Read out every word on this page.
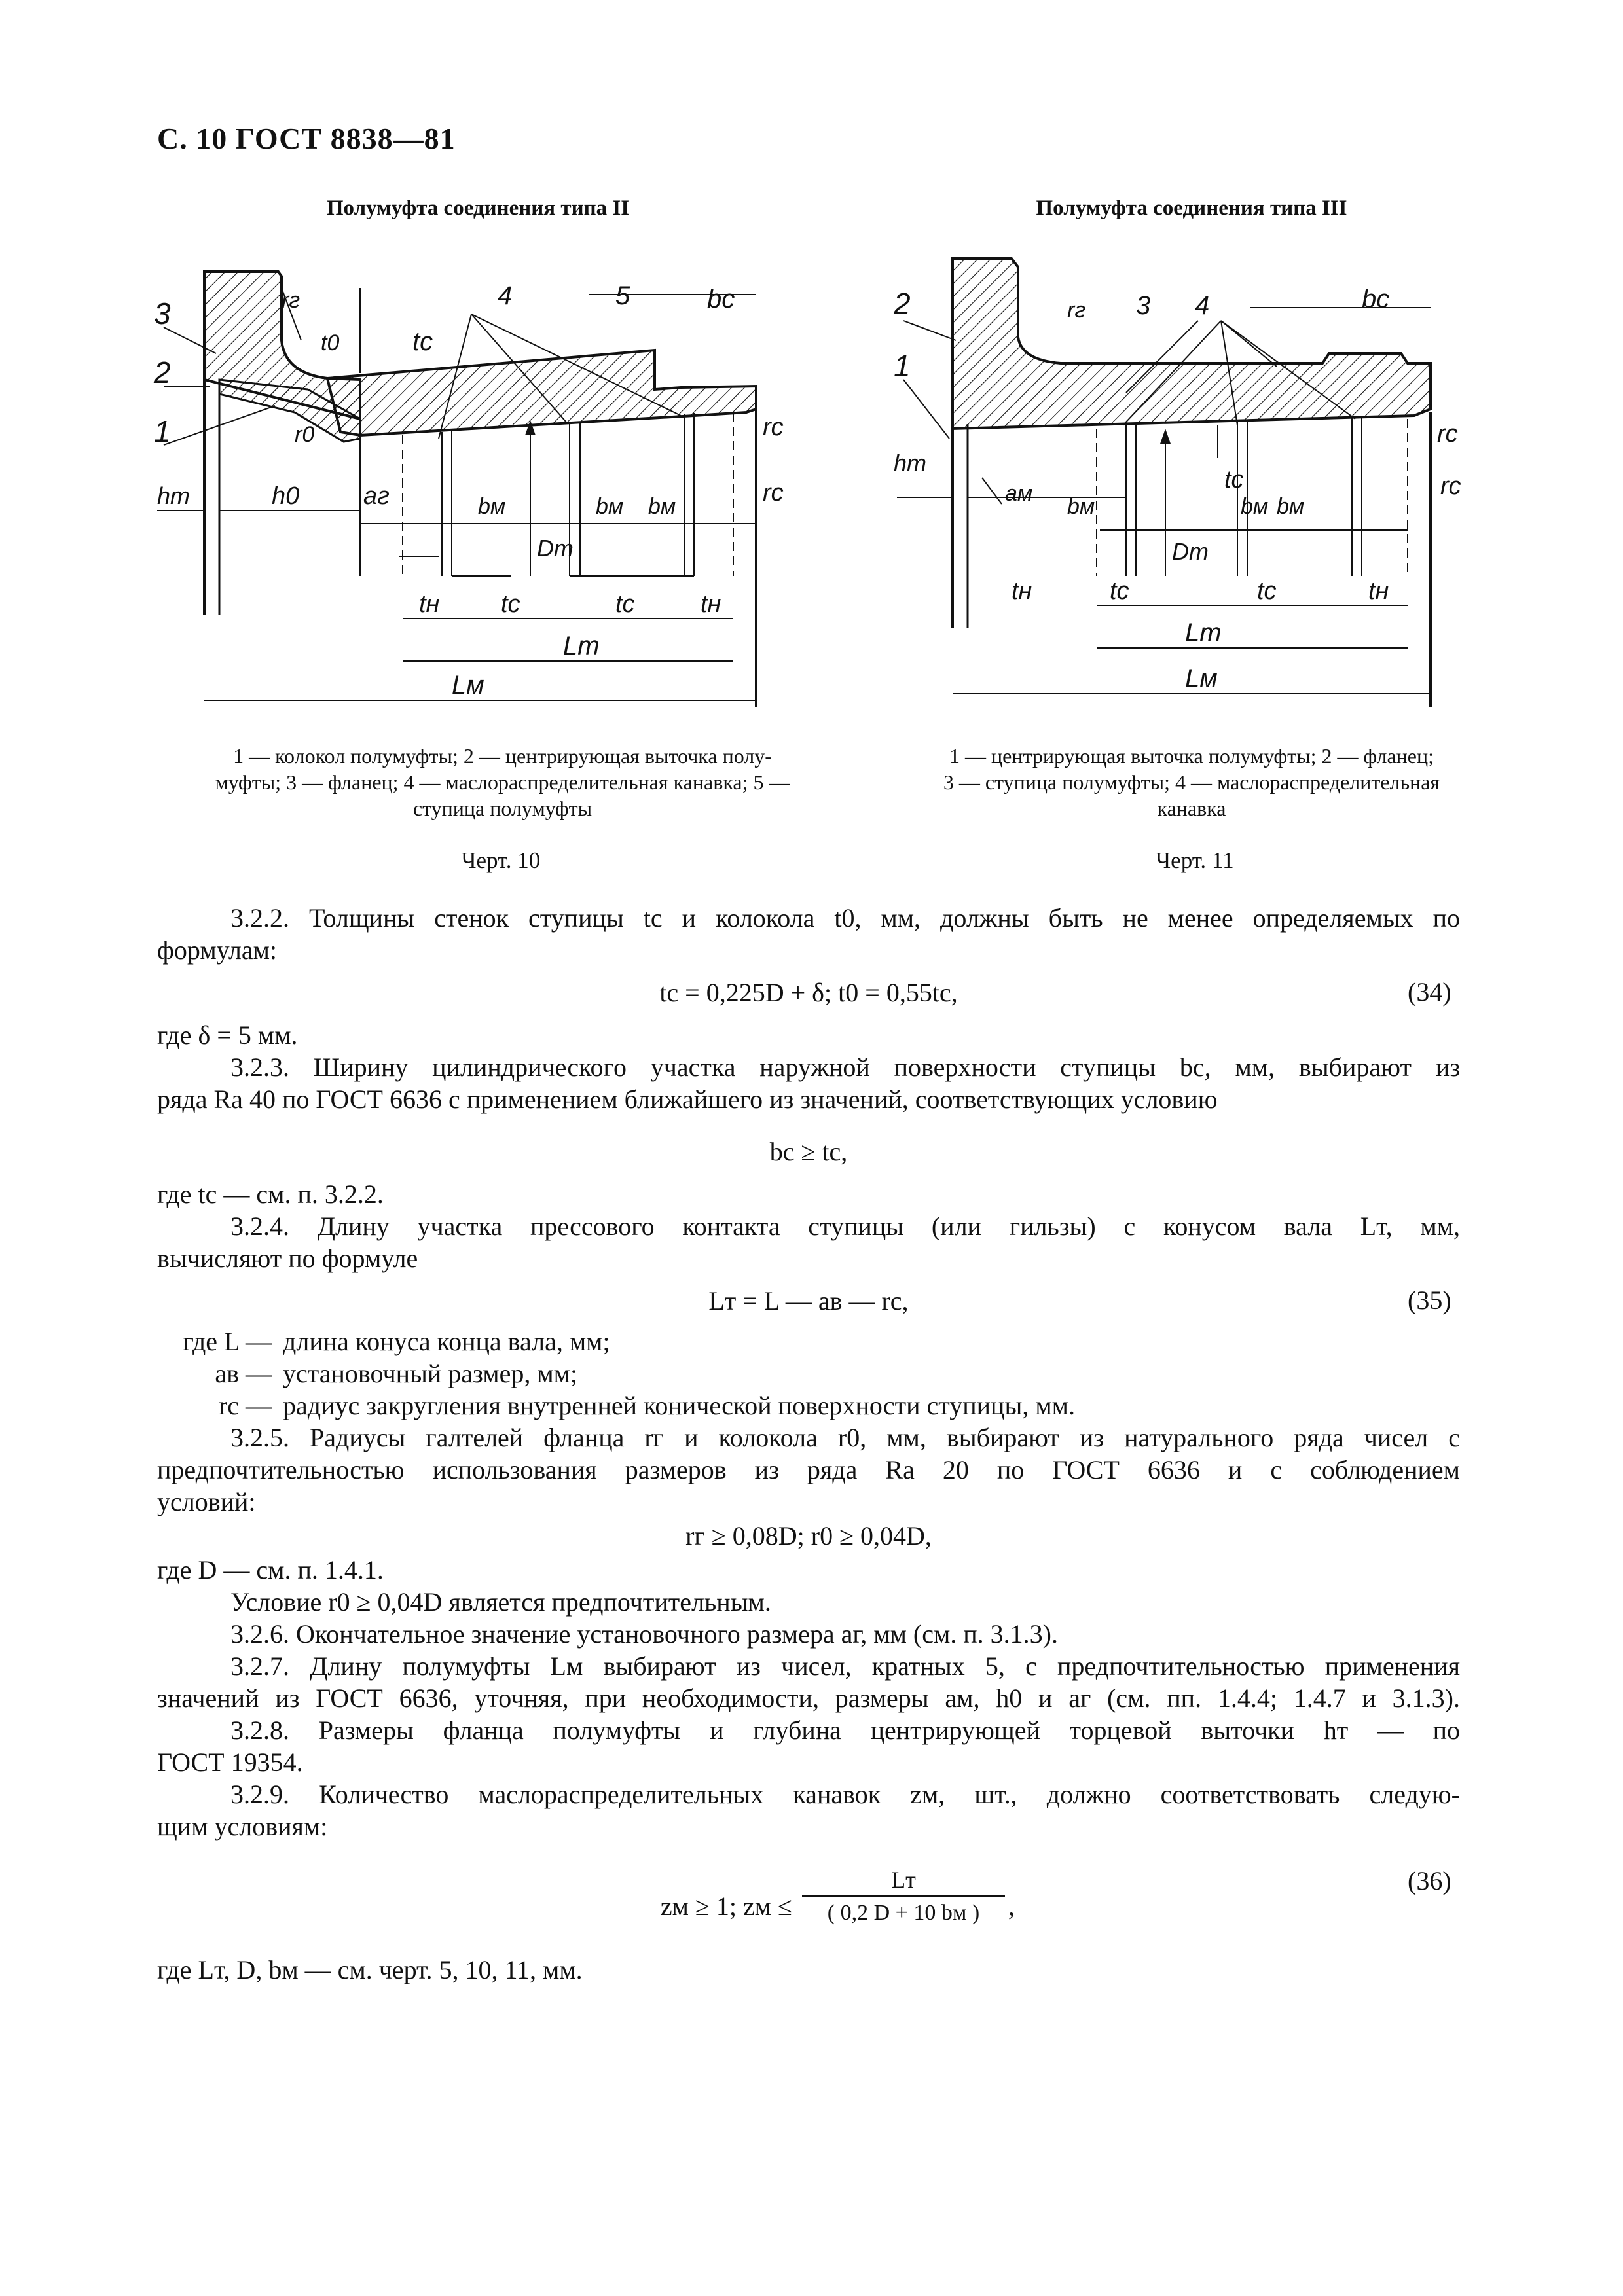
С. 10 ГОСТ 8838—81
Полумуфта соединения типа II
3
2
1
rг
t0	tc
4	5	bc
r0	rc
rc
hт	h0	aг	bм	bм bм
Dт
tн tc	tc	tн
Lт
Lм
1 — колокол полумуфты; 2 — центрирующая выточка полу-
муфты; 3 — фланец; 4 — маслораспределительная канавка; 5 —
ступица полумуфты
Черт. 10
Полумуфта соединения типа III
2
1
rг 3 4	bc
hт
aм
bм
tc
bм bм
rc
rc
Dт
tн	tc	tc	tн
Lт
Lм
1 — центрирующая выточка полумуфты; 2 — фланец;
3 — ступица полумуфты; 4 — маслораспределительная
канавка
Черт. 11
3.2.2. Толщины стенок ступицы tc и колокола t0, мм, должны быть не менее определяемых по
формулам:
tc = 0,225D + δ; t0 = 0,55tc,	(34)
где δ = 5 мм.
3.2.3. Ширину цилиндрического участка наружной поверхности ступицы bc, мм, выбирают из
ряда Ra 40 по ГОСТ 6636 с применением ближайшего из значений, соответствующих условию
bc ≥ tc,
где tc — см. п. 3.2.2.
3.2.4. Длину участка прессового контакта ступицы (или гильзы) с конусом вала Lт, мм,
вычисляют по формуле
Lт = L — aв — rc,	(35)
где L — длина конуса конца вала, мм;
aв — установочный размер, мм;
rc — радиус закругления внутренней конической поверхности ступицы, мм.
3.2.5. Радиусы галтелей фланца rг и колокола r0, мм, выбирают из натурального ряда чисел с
предпочтительностью использования размеров из ряда Ra 20 по ГОСТ 6636 и с соблюдением
условий:
rг ≥ 0,08D; r0 ≥ 0,04D,
где D — см. п. 1.4.1.
Условие r0 ≥ 0,04D является предпочтительным.
3.2.6. Окончательное значение установочного размера aг, мм (см. п. 3.1.3).
3.2.7. Длину полумуфты Lм выбирают из чисел, кратных 5, с предпочтительностью применения
значений из ГОСТ 6636, уточняя, при необходимости, размеры aм, h0 и aг (см. пп. 1.4.4; 1.4.7 и 3.1.3).
3.2.8. Размеры фланца полумуфты и глубина центрирующей торцевой выточки hт — по
ГОСТ 19354.
3.2.9. Количество маслораспределительных канавок zм, шт., должно соответствовать следую-
щим условиям:
zм ≥ 1; zм ≤
Lт
( 0,2 D + 10 bм )	,
(36)
где Lт, D, bм — см. черт. 5, 10, 11, мм.
